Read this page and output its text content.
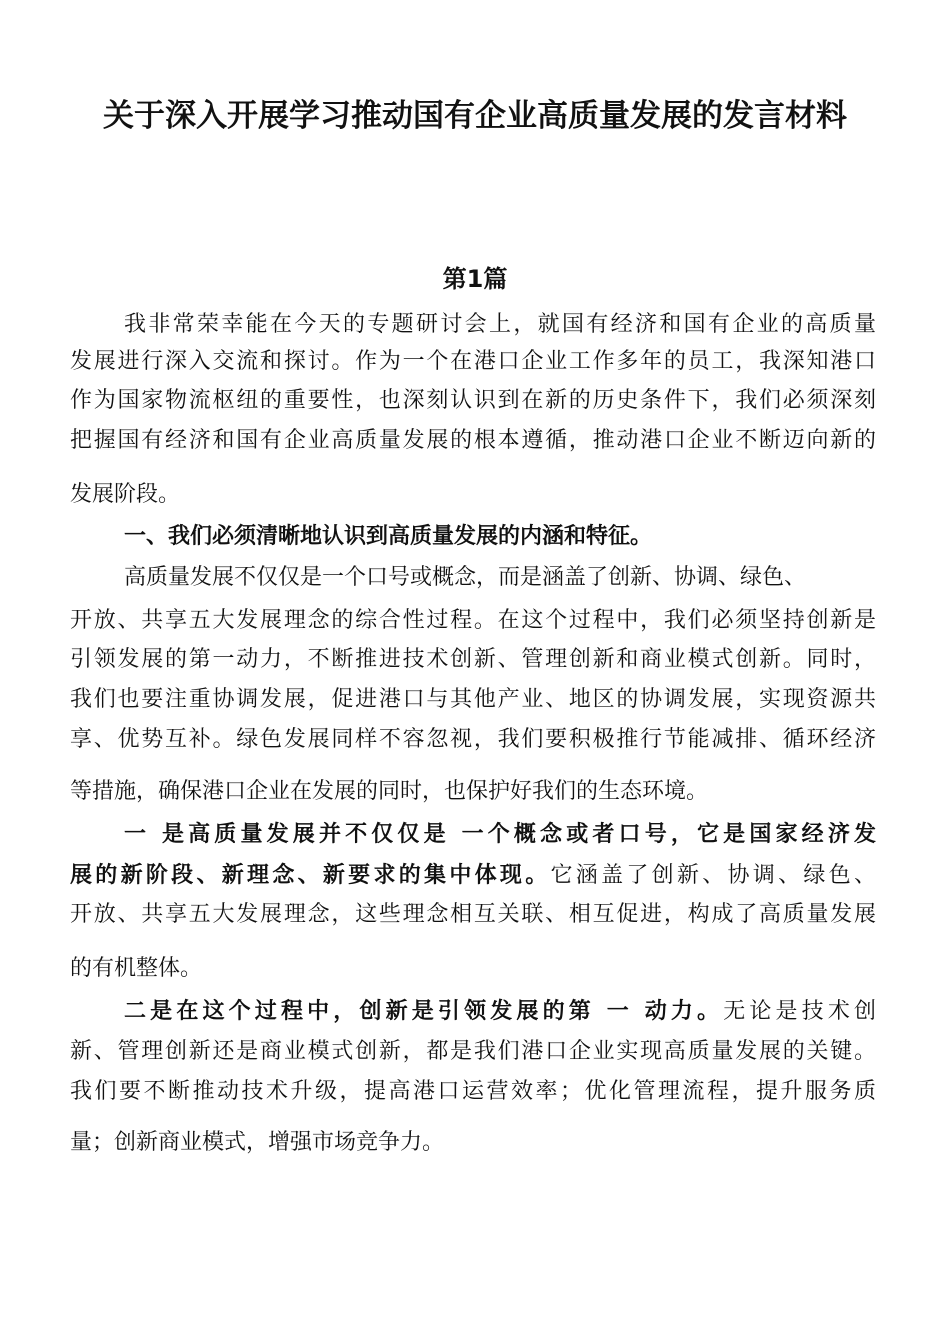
关于深入开展学习推动国有企业高质量发展的发言材料
第1篇

我非常荣幸能在今天的专题研讨会上，就国有经济和国有企业的高质量

发展进行深入交流和探讨。作为一个在港口企业工作多年的员工，我深知港口

作为国家物流枢纽的重要性，也深刻认识到在新的历史条件下，我们必须深刻

把握国有经济和国有企业高质量发展的根本遵循，推动港口企业不断迈向新的

发展阶段。

一、我们必须清晰地认识到高质量发展的内涵和特征。

高质量发展不仅仅是一个口号或概念，而是涵盖了创新、协调、绿色、

开放、共享五大发展理念的综合性过程。在这个过程中，我们必须坚持创新是

引领发展的第一动力，不断推进技术创新、管理创新和商业模式创新。同时，

我们也要注重协调发展，促进港口与其他产业、地区的协调发展，实现资源共

享、优势互补。绿色发展同样不容忽视，我们要积极推行节能减排、循环经济

等措施，确保港口企业在发展的同时，也保护好我们的生态环境。

一 是高质量发展并不仅仅是 一个概念或者口号，它是国家经济发

展的新阶段、新理念、新要求的集中体现。它涵盖了创新、协调、绿色、

开放、共享五大发展理念，这些理念相互关联、相互促进，构成了高质量发展

的有机整体。

二是在这个过程中，创新是引领发展的第 一 动力。无论是技术创

新、管理创新还是商业模式创新，都是我们港口企业实现高质量发展的关键。

我们要不断推动技术升级，提高港口运营效率；优化管理流程，提升服务质

量；创新商业模式，增强市场竞争力。
